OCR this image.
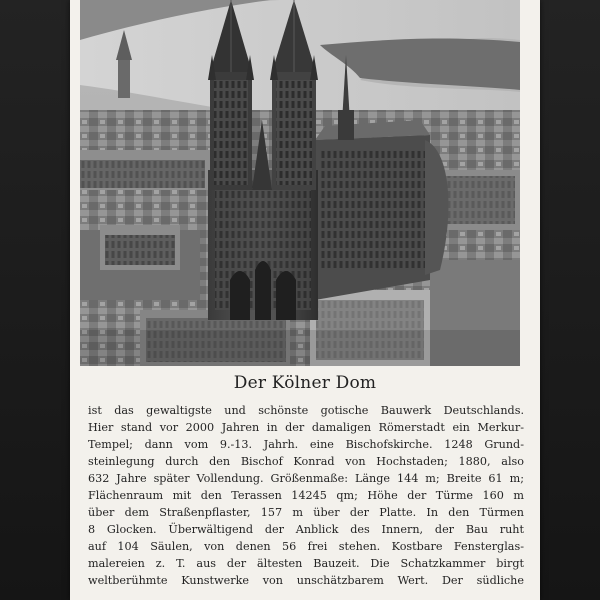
Der Kölner Dom

ist das gewaltigste und schönste gotische Bauwerk Deutschlands.
Hier stand vor 2000 Jahren in der damaligen Römerstadt ein Merkur-
Tempel; dann vom 9.-13. Jahrh. eine Bischofskirche. 1248 Grund-
steinlegung durch den Bischof Konrad von Hochstaden; 1880, also
632 Jahre später Vollendung. Größenmaße: Länge 144 m; Breite 61 m;
Flächenraum mit den Terassen 14245 qm; Höhe der Türme 160 m
über dem Straßenpflaster, 157 m über der Platte. In den Türmen
8 Glocken. Überwältigend der Anblick des Innern, der Bau ruht
auf 104 Säulen, von denen 56 frei stehen. Kostbare Fensterglas-
malereien z. T. aus der ältesten Bauzeit. Die Schatzkammer birgt
weltberühmte Kunstwerke von unschätzbarem Wert. Der südliche
